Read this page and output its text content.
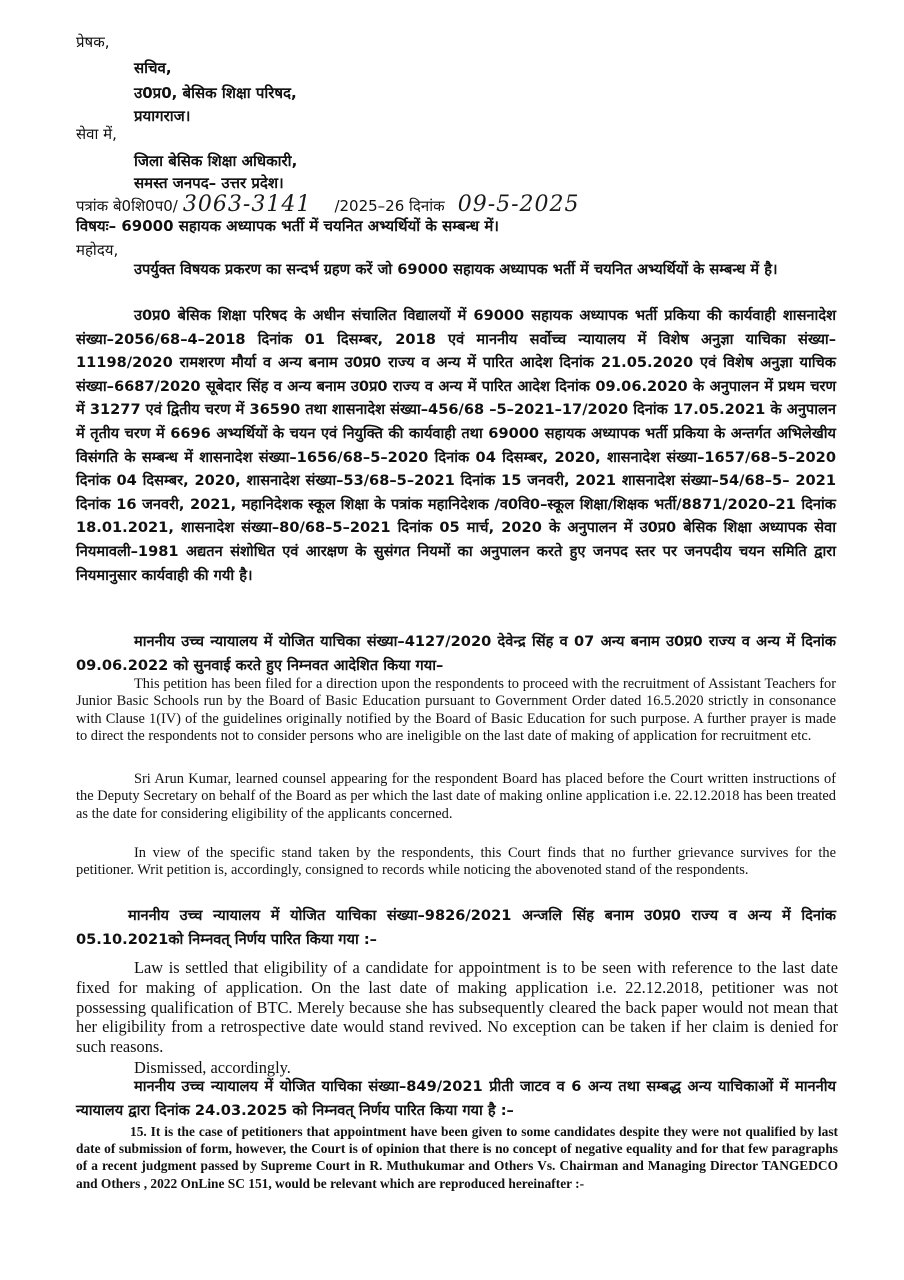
प्रेषक,
सचिव,
उ0प्र0, बेसिक शिक्षा परिषद,
प्रयागराज।
सेवा में,
जिला बेसिक शिक्षा अधिकारी,
समस्त जनपद– उत्तर प्रदेश।
पत्रांक बे0शि0प0/ 3063-3141 /2025–26 दिनांक 09-5-2025
विषयः– 69000 सहायक अध्यापक भर्ती में चयनित अभ्यर्थियों के सम्बन्ध में।
महोदय,
उपर्युक्त विषयक प्रकरण का सन्दर्भ ग्रहण करें जो 69000 सहायक अध्यापक भर्ती में चयनित अभ्यर्थियों के सम्बन्ध में है।
उ0प्र0 बेसिक शिक्षा परिषद के अधीन संचालित विद्यालयों में 69000 सहायक अध्यापक भर्ती प्रकिया की कार्यवाही शासनादेश संख्या–2056/68–4–2018 दिनांक 01 दिसम्बर, 2018 एवं माननीय सर्वोच्च न्यायालय में विशेष अनुज्ञा याचिका संख्या– 11198/2020 रामशरण मौर्या व अन्य बनाम उ0प्र0 राज्य व अन्य में पारित आदेश दिनांक 21.05.2020 एवं विशेष अनुज्ञा याचिक संख्या–6687/2020 सूबेदार सिंह व अन्य बनाम उ0प्र0 राज्य व अन्य में पारित आदेश दिनांक 09.06.2020 के अनुपालन में प्रथम चरण में 31277 एवं द्वितीय चरण में 36590 तथा शासनादेश संख्या–456/68 –5–2021–17/2020 दिनांक 17.05.2021 के अनुपालन में तृतीय चरण में 6696 अभ्यर्थियों के चयन एवं नियुक्ति की कार्यवाही तथा 69000 सहायक अध्यापक भर्ती प्रकिया के अन्तर्गत अभिलेखीय विसंगति के सम्बन्ध में शासनादेश संख्या–1656/68–5–2020 दिनांक 04 दिसम्बर, 2020, शासनादेश संख्या–1657/68–5–2020 दिनांक 04 दिसम्बर, 2020, शासनादेश संख्या–53/68–5–2021 दिनांक 15 जनवरी, 2021 शासनादेश संख्या–54/68–5– 2021 दिनांक 16 जनवरी, 2021, महानिदेशक स्कूल शिक्षा के पत्रांक महानिदेशक /व0वि0–स्कूल शिक्षा/शिक्षक भर्ती/8871/2020–21 दिनांक 18.01.2021, शासनादेश संख्या–80/68–5–2021 दिनांक 05 मार्च, 2020 के अनुपालन में उ0प्र0 बेसिक शिक्षा अध्यापक सेवा नियमावली–1981 अद्यतन संशोधित एवं आरक्षण के सुसंगत नियमों का अनुपालन करते हुए जनपद स्तर पर जनपदीय चयन समिति द्वारा नियमानुसार कार्यवाही की गयी है।
माननीय उच्च न्यायालय में योजित याचिका संख्या–4127/2020 देवेन्द्र सिंह व 07 अन्य बनाम उ0प्र0 राज्य व अन्य में दिनांक 09.06.2022 को सुनवाई करते हुए निम्नवत आदेशित किया गया–
This petition has been filed for a direction upon the respondents to proceed with the recruitment of Assistant Teachers for Junior Basic Schools run by the Board of Basic Education pursuant to Government Order dated 16.5.2020 strictly in consonance with Clause 1(IV) of the guidelines originally notified by the Board of Basic Education for such purpose. A further prayer is made to direct the respondents not to consider persons who are ineligible on the last date of making of application for recruitment etc.
Sri Arun Kumar, learned counsel appearing for the respondent Board has placed before the Court written instructions of the Deputy Secretary on behalf of the Board as per which the last date of making online application i.e. 22.12.2018 has been treated as the date for considering eligibility of the applicants concerned.
In view of the specific stand taken by the respondents, this Court finds that no further grievance survives for the petitioner. Writ petition is, accordingly, consigned to records while noticing the abovenoted stand of the respondents.
माननीय उच्च न्यायालय में योजित याचिका संख्या–9826/2021 अन्जलि सिंह बनाम उ0प्र0 राज्य व अन्य में दिनांक 05.10.2021को निम्नवत् निर्णय पारित किया गया :–
Law is settled that eligibility of a candidate for appointment is to be seen with reference to the last date fixed for making of application. On the last date of making application i.e. 22.12.2018, petitioner was not possessing qualification of BTC. Merely because she has subsequently cleared the back paper would not mean that her eligibility from a retrospective date would stand revived. No exception can be taken if her claim is denied for such reasons.
Dismissed, accordingly.
माननीय उच्च न्यायालय में योजित याचिका संख्या–849/2021 प्रीती जाटव व 6 अन्य तथा सम्बद्ध अन्य याचिकाओं में माननीय न्यायालय द्वारा दिनांक 24.03.2025 को निम्नवत् निर्णय पारित किया गया है :–
15. It is the case of petitioners that appointment have been given to some candidates despite they were not qualified by last date of submission of form, however, the Court is of opinion that there is no concept of negative equality and for that few paragraphs of a recent judgment passed by Supreme Court in R. Muthukumar and Others Vs. Chairman and Managing Director TANGEDCO and Others , 2022 OnLine SC 151, would be relevant which are reproduced hereinafter :-
